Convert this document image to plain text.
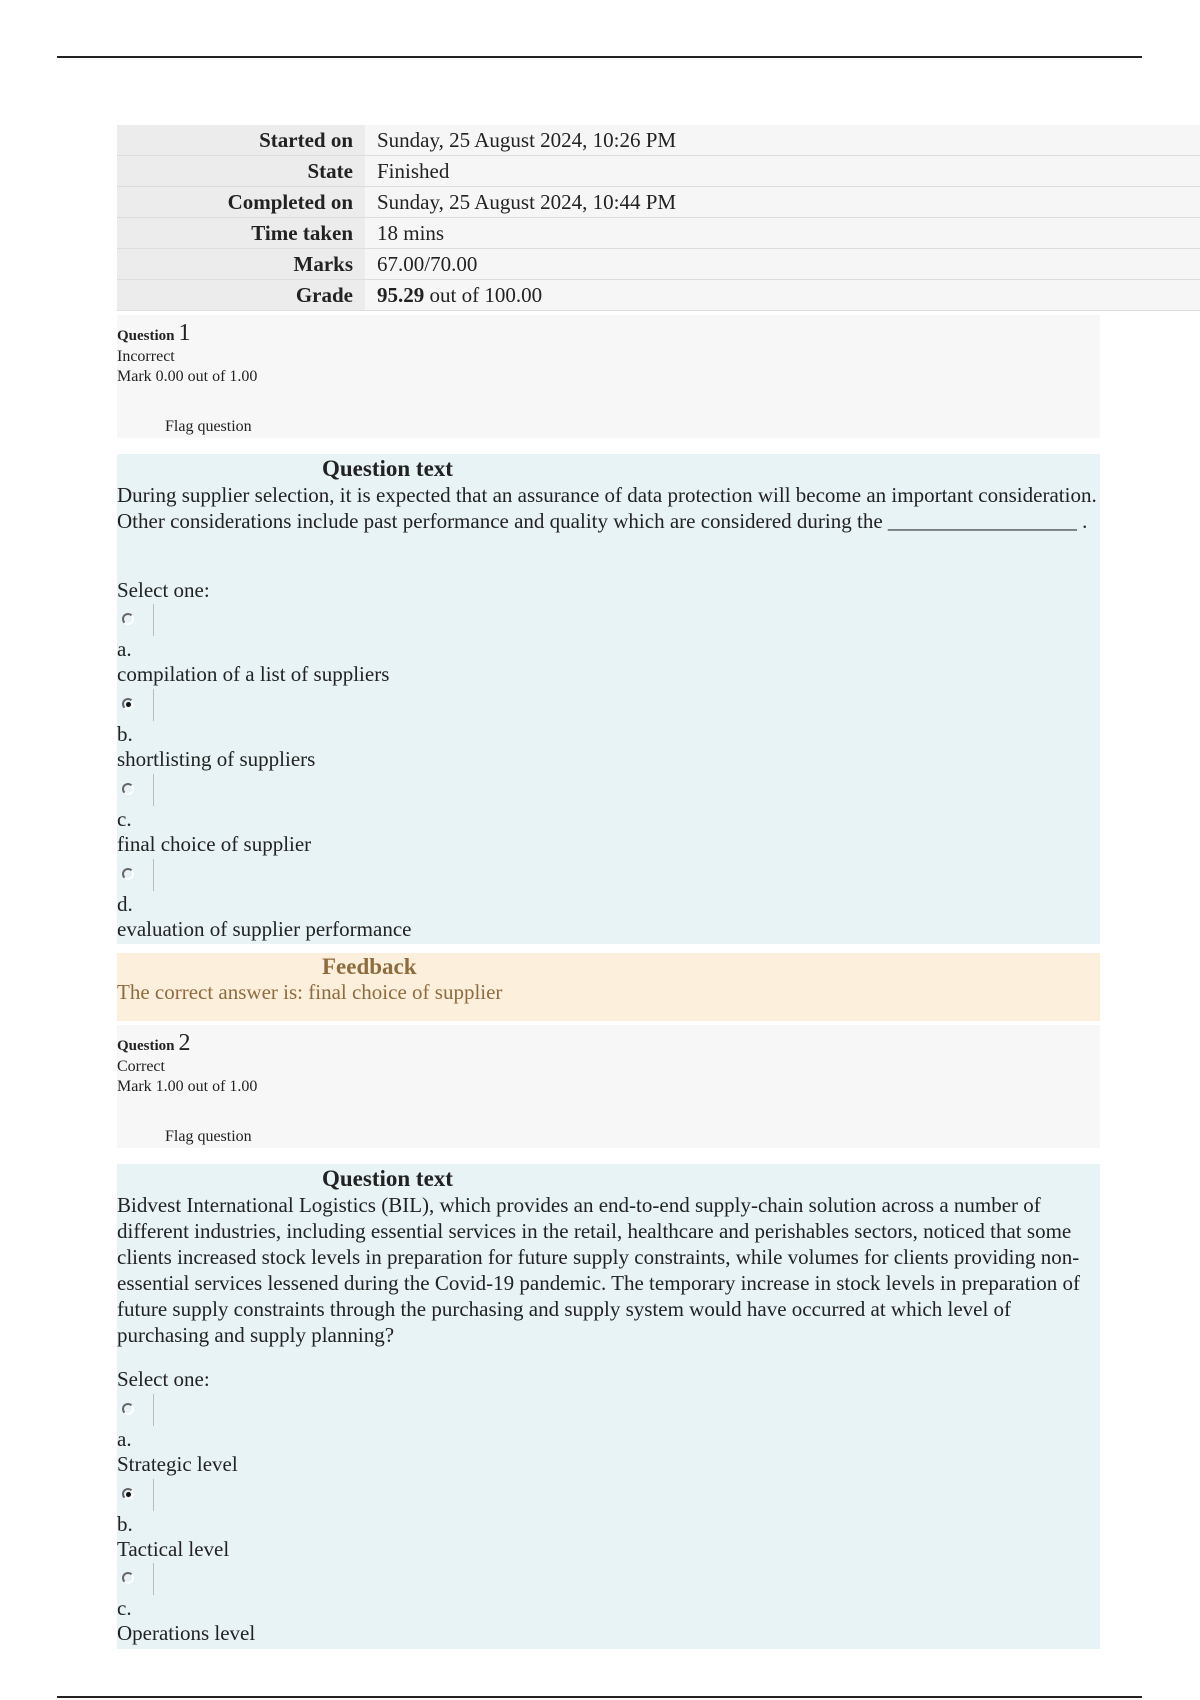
Started on	Sunday, 25 August 2024, 10:26 PM
State	Finished
Completed on	Sunday, 25 August 2024, 10:44 PM
Time taken	18 mins
Marks	67.00/70.00
Grade	95.29 out of 100.00
Question 1
Incorrect
Mark 0.00 out of 1.00
Flag question
Question text
During supplier selection, it is expected that an assurance of data protection will become an important consideration. Other considerations include past performance and quality which are considered during the __________________ .
Select one:
a.
compilation of a list of suppliers
b.
shortlisting of suppliers
c.
final choice of supplier
d.
evaluation of supplier performance
Feedback
The correct answer is: final choice of supplier
Question 2
Correct
Mark 1.00 out of 1.00
Flag question
Question text
Bidvest International Logistics (BIL), which provides an end-to-end supply-chain solution across a number of different industries, including essential services in the retail, healthcare and perishables sectors, noticed that some clients increased stock levels in preparation for future supply constraints, while volumes for clients providing non-essential services lessened during the Covid-19 pandemic. The temporary increase in stock levels in preparation of future supply constraints through the purchasing and supply system would have occurred at which level of purchasing and supply planning?
Select one:
a.
Strategic level
b.
Tactical level
c.
Operations level
